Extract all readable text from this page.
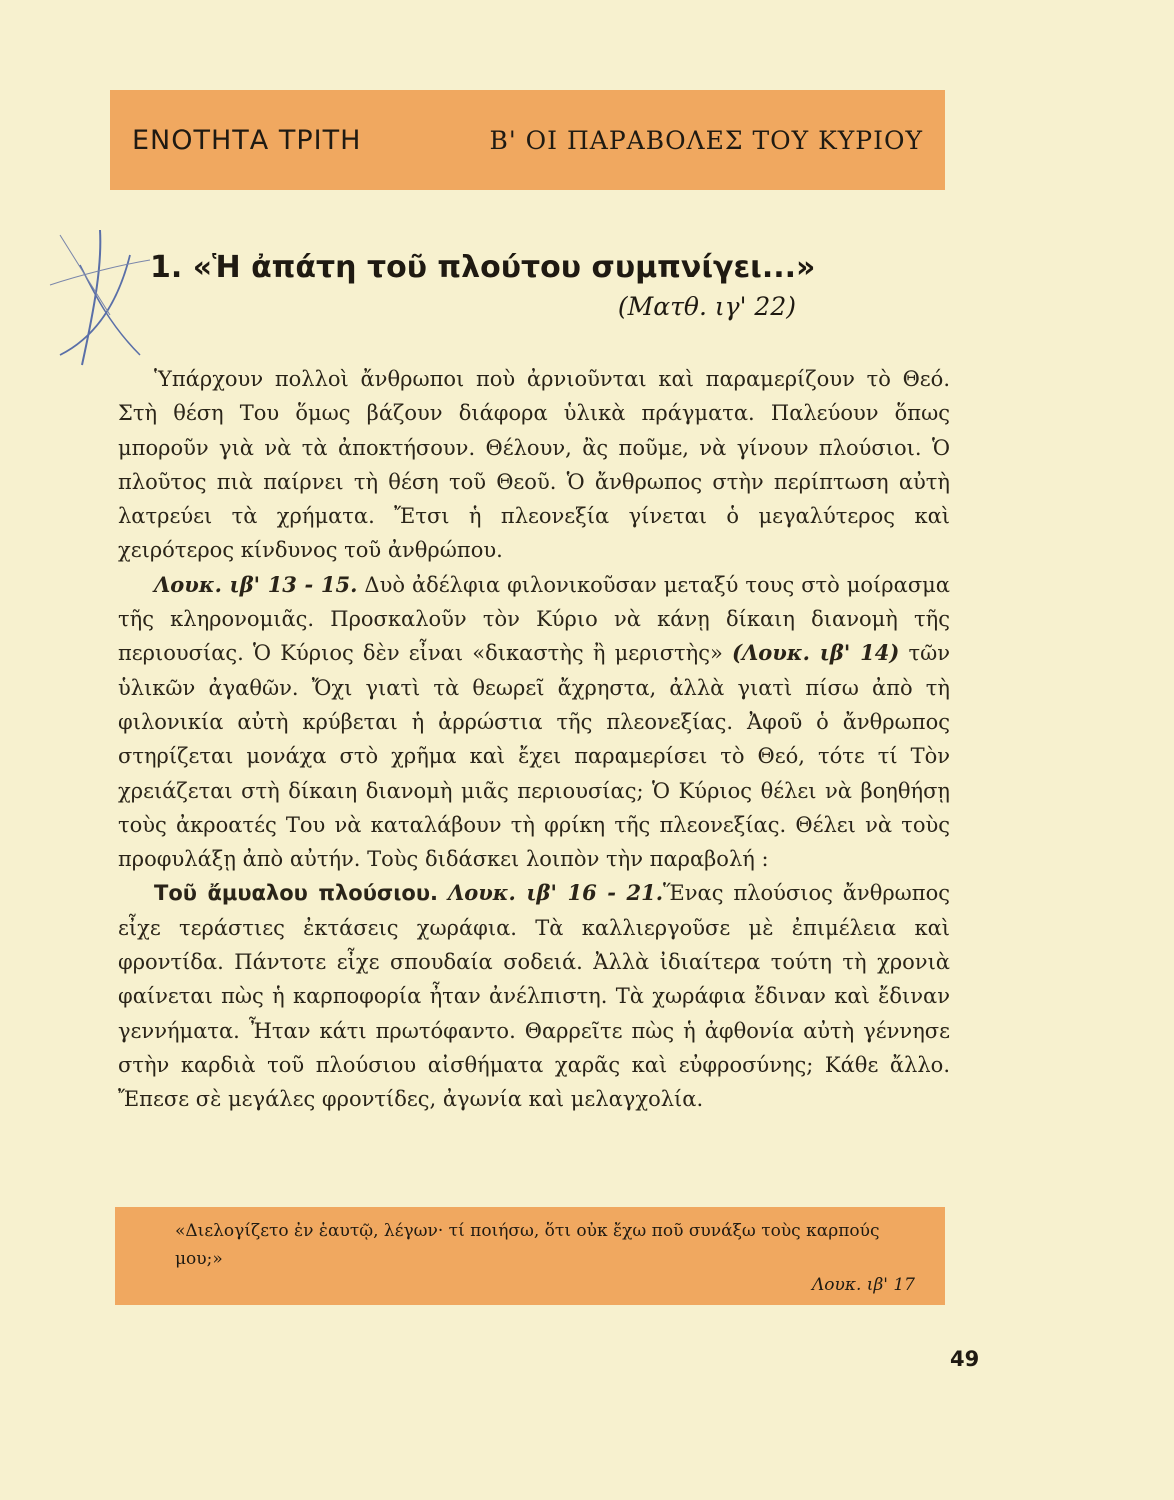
ΕΝΟΤΗΤΑ ΤΡΙΤΗ	Β' ΟΙ ΠΑΡΑΒΟΛΕΣ ΤΟΥ ΚΥΡΙΟΥ
1. «Ἡ ἀπάτη τοῦ πλούτου συμπνίγει...»
(Ματθ. ιγ' 22)

Ὑπάρχουν πολλοὶ ἄνθρωποι ποὺ ἀρνιοῦνται καὶ παραμερίζουν τὸ Θεό. Στὴ θέση Του ὅμως βάζουν διάφορα ὑλικὰ πράγματα. Παλεύουν ὅπως μποροῦν γιὰ νὰ τὰ ἀποκτήσουν. Θέλουν, ἂς ποῦμε, νὰ γίνουν πλούσιοι. Ὁ πλοῦτος πιὰ παίρνει τὴ θέση τοῦ Θεοῦ. Ὁ ἄνθρωπος στὴν περίπτωση αὐτὴ λατρεύει τὰ χρήματα. Ἔτσι ἡ πλεονεξία γίνεται ὁ μεγαλύτερος καὶ χειρότερος κίνδυνος τοῦ ἀνθρώπου.

Λουκ. ιβ' 13 - 15. Δυὸ ἀδέλφια φιλονικοῦσαν μεταξύ τους στὸ μοίρασμα τῆς κληρονομιᾶς. Προσκαλοῦν τὸν Κύριο νὰ κάνῃ δίκαιη διανομὴ τῆς περιουσίας. Ὁ Κύριος δὲν εἶναι «δικαστὴς ἢ μεριστὴς» (Λουκ. ιβ' 14) τῶν ὑλικῶν ἀγαθῶν. Ὄχι γιατὶ τὰ θεωρεῖ ἄχρηστα, ἀλλὰ γιατὶ πίσω ἀπὸ τὴ φιλονικία αὐτὴ κρύβεται ἡ ἀρρώστια τῆς πλεονεξίας. Ἀφοῦ ὁ ἄνθρωπος στηρίζεται μονάχα στὸ χρῆμα καὶ ἔχει παραμερίσει τὸ Θεό, τότε τί Τὸν χρειάζεται στὴ δίκαιη διανομὴ μιᾶς περιουσίας; Ὁ Κύριος θέλει νὰ βοηθήσῃ τοὺς ἀκροατές Του νὰ καταλάβουν τὴ φρίκη τῆς πλεονεξίας. Θέλει νὰ τοὺς προφυλάξῃ ἀπὸ αὐτήν. Τοὺς διδάσκει λοιπὸν τὴν παραβολή :

Τοῦ ἄμυαλου πλούσιου. Λουκ. ιβ' 16 - 21.Ἕνας πλούσιος ἄνθρωπος εἶχε τεράστιες ἐκτάσεις χωράφια. Τὰ καλλιεργοῦσε μὲ ἐπιμέλεια καὶ φροντίδα. Πάντοτε εἶχε σπουδαία σοδειά. Ἀλλὰ ἰδιαίτερα τούτη τὴ χρονιὰ φαίνεται πὼς ἡ καρποφορία ἦταν ἀνέλπιστη. Τὰ χωράφια ἔδιναν καὶ ἔδιναν γεννήματα. Ἦταν κάτι πρωτόφαντο. Θαρρεῖτε πὼς ἡ ἀφθονία αὐτὴ γέννησε στὴν καρδιὰ τοῦ πλούσιου αἰσθήματα χαρᾶς καὶ εὐφροσύνης; Κάθε ἄλλο. Ἔπεσε σὲ μεγάλες φροντίδες, ἀγωνία καὶ μελαγχολία.

«Διελογίζετο ἐν ἑαυτῷ, λέγων· τί ποιήσω, ὅτι οὐκ ἔχω ποῦ συνάξω τοὺς καρπούς μου;»

Λουκ. ιβ' 17
49
